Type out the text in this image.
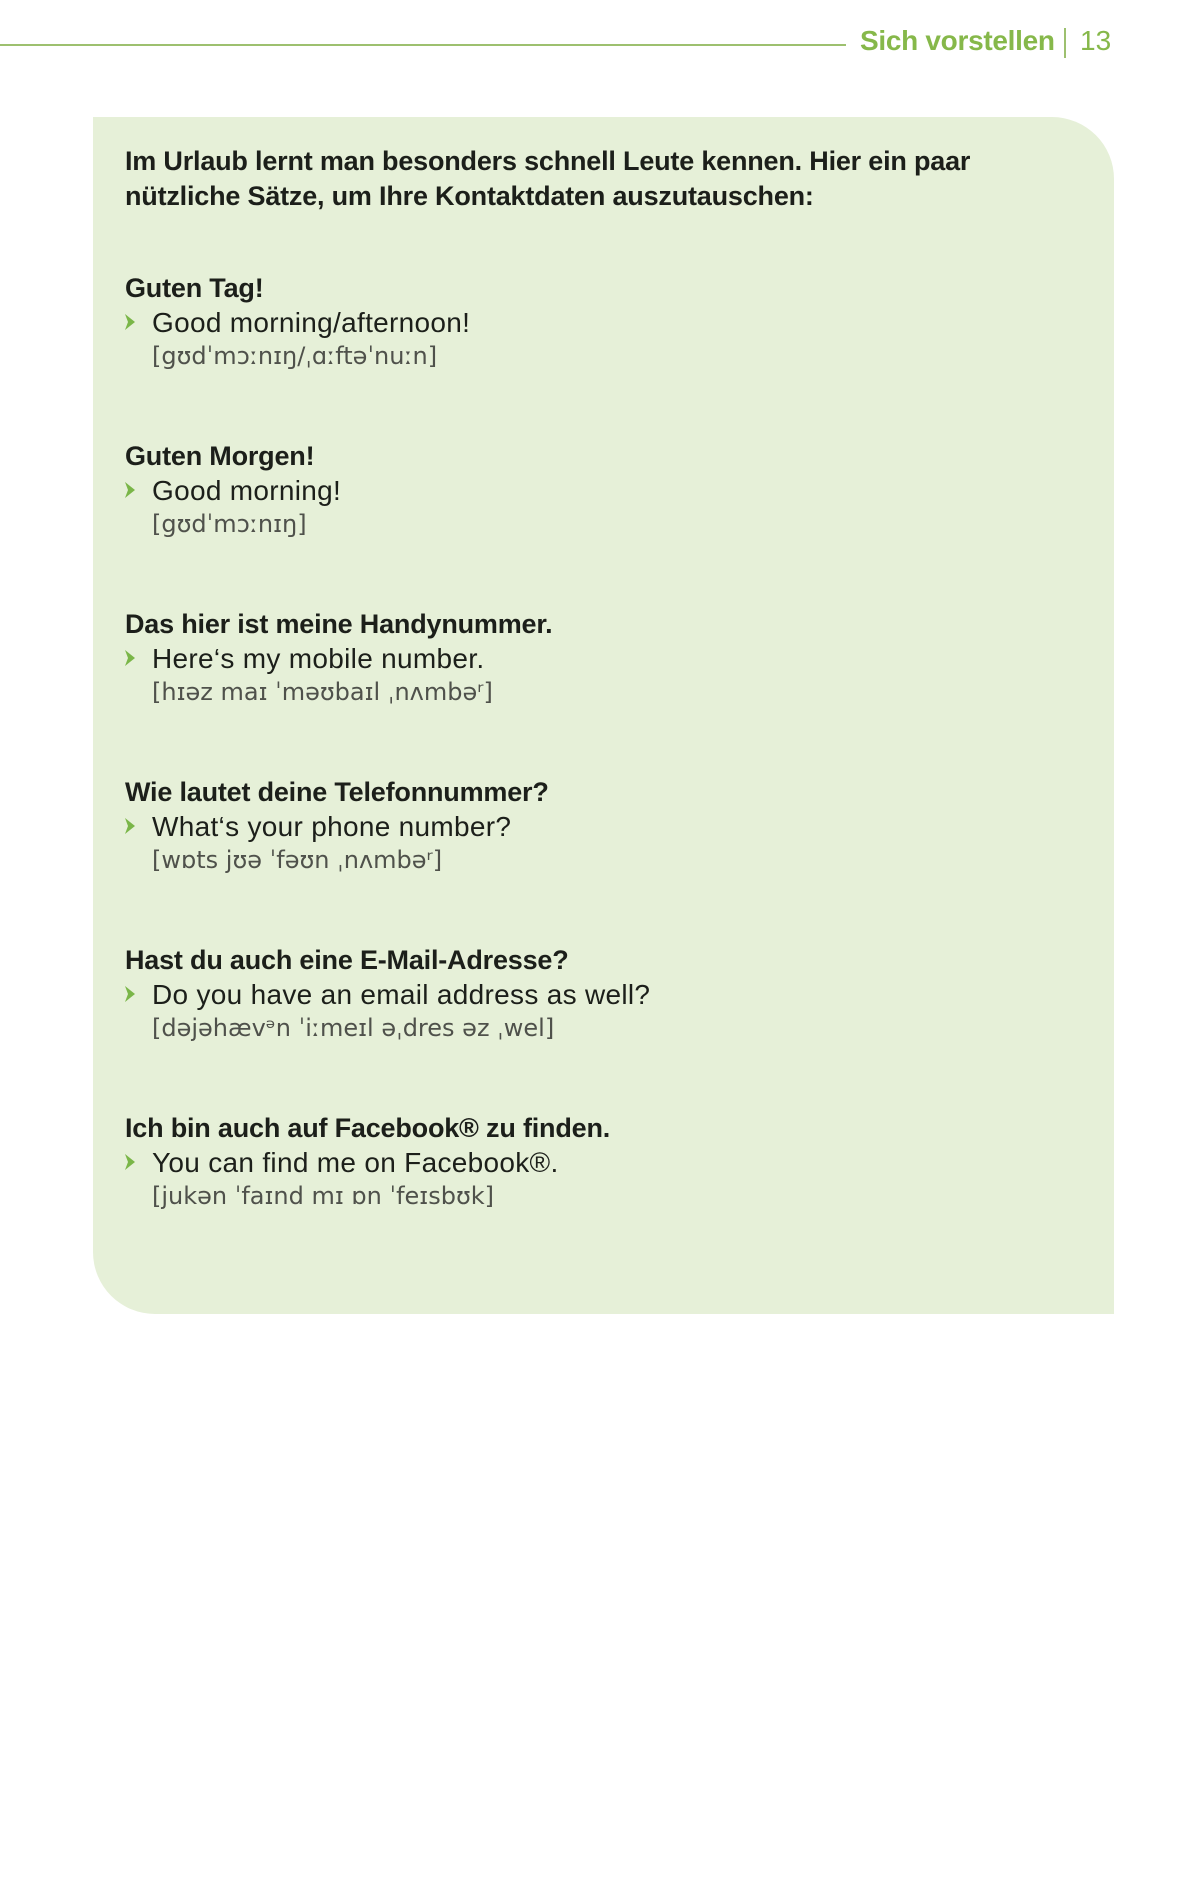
Sich vorstellen 13
Im Urlaub lernt man besonders schnell Leute kennen. Hier ein paar nützliche Sätze, um Ihre Kontaktdaten auszutauschen:
Guten Tag!
Good morning/afternoon!
[gʊdˈmɔːnɪŋ/ˌɑːftəˈnuːn]
Guten Morgen!
Good morning!
[gʊdˈmɔːnɪŋ]
Das hier ist meine Handynummer.
Here‘s my mobile number.
[hɪəz maɪ ˈməʊbaɪl ˌnʌmbəʳ]
Wie lautet deine Telefonnummer?
What‘s your phone number?
[wɒts jʊə ˈfəʊn ˌnʌmbəʳ]
Hast du auch eine E-Mail-Adresse?
Do you have an email address as well?
[dəjəhævᵊn ˈiːmeɪl əˌdres əz ˌwel]
Ich bin auch auf Facebook® zu finden.
You can find me on Facebook®.
[jukən ˈfaɪnd mɪ ɒn ˈfeɪsbʊk]
